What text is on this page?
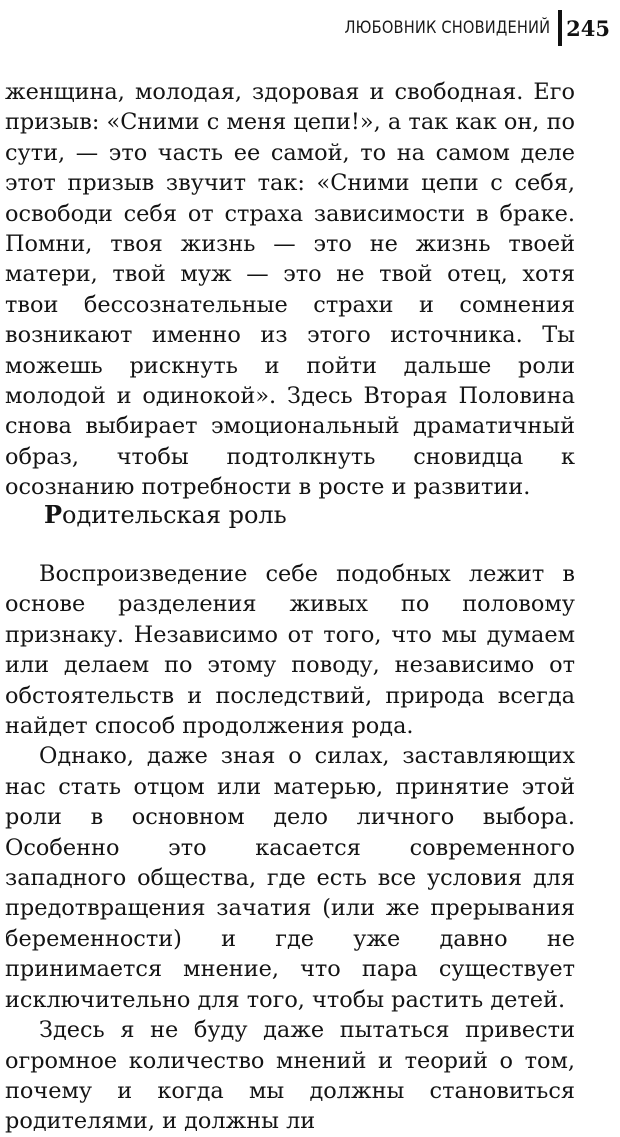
ЛЮБОВНИК СНОВИДЕНИЙ 245

женщина, молодая, здоровая и свободная. Его призыв: «Сними с меня цепи!», а так как он, по сути, — это часть ее самой, то на самом деле этот призыв звучит так: «Сними цепи с себя, освободи себя от страха зависимости в браке. Помни, твоя жизнь — это не жизнь твоей матери, твой муж — это не твой отец, хотя твои бессознательные страхи и сомнения возникают именно из этого источника. Ты можешь рискнуть и пойти дальше роли молодой и одинокой». Здесь Вторая Половина снова выбирает эмоциональный драматичный образ, чтобы подтолкнуть сновидца к осознанию потребности в росте и развитии.

Родительская роль

Воспроизведение себе подобных лежит в основе разделения живых по половому признаку. Независимо от того, что мы думаем или делаем по этому поводу, независимо от обстоятельств и последствий, природа всегда найдет способ продолжения рода.

Однако, даже зная о силах, заставляющих нас стать отцом или матерью, принятие этой роли в основном дело личного выбора. Особенно это касается современного западного общества, где есть все условия для предотвращения зачатия (или же прерывания беременности) и где уже давно не принимается мнение, что пара существует исключительно для того, чтобы растить детей.

Здесь я не буду даже пытаться привести огромное количество мнений и теорий о том, почему и когда мы должны становиться родителями, и должны ли
